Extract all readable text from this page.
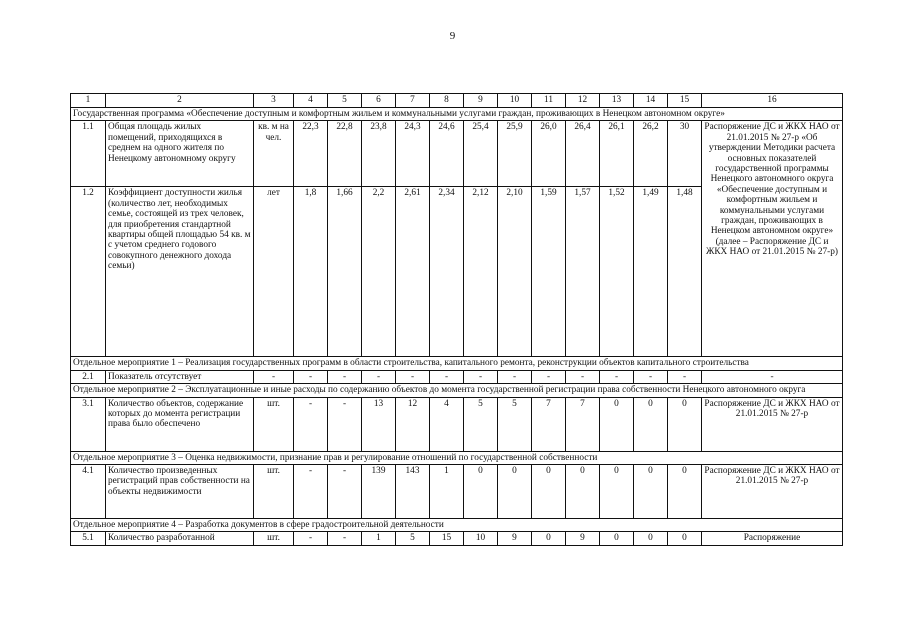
9
1	2	3	4	5	6	7	8	9	10	11	12	13	14	15	16
Государственная программа «Обеспечение доступным и комфортным жильем и коммунальными услугами граждан, проживающих в Ненецком автономном округе»															
1.1	Общая площадь жилых помещений, приходящихся в среднем на одного жителя по Ненецкому автономному округу	кв. м на чел.	22,3	22,8	23,8	24,3	24,6	25,4	25,9	26,0	26,4	26,1	26,2	30	Распоряжение ДС и ЖКХ НАО от 21.01.2015 № 27-р «Об утверждении Методики расчета основных показателей государственной программы Ненецкого автономного округа «Обеспечение доступным и комфортным жильем и коммунальными услугами граждан, проживающих в Ненецком автономном округе» (далее – Распоряжение ДС и ЖКХ НАО от 21.01.2015 № 27-р)
1.2	Коэффициент доступности жилья (количество лет, необходимых семье, состоящей из трех человек, для приобретения стандартной квартиры общей площадью 54 кв. м с учетом среднего годового совокупного денежного дохода семьи)	лет	1,8	1,66	2,2	2,61	2,34	2,12	2,10	1,59	1,57	1,52	1,49	1,48	
Отдельное мероприятие 1 – Реализация государственных программ в области строительства, капитального ремонта, реконструкции объектов капитального строительства															
2.1	Показатель отсутствует	-	-	-	-	-	-	-	-	-	-	-	-	-	-
Отдельное мероприятие 2 – Эксплуатационные и иные расходы по содержанию объектов до момента государственной регистрации права собственности Ненецкого автономного округа															
3.1	Количество объектов, содержание которых до момента регистрации права было обеспечено	шт.	-	-	13	12	4	5	5	7	7	0	0	0	Распоряжение ДС и ЖКХ НАО от 21.01.2015 № 27-р
Отдельное мероприятие 3 – Оценка недвижимости, признание прав и регулирование отношений по государственной собственности															
4.1	Количество произведенных регистраций прав собственности на объекты недвижимости	шт.	-	-	139	143	1	0	0	0	0	0	0	0	Распоряжение ДС и ЖКХ НАО от 21.01.2015 № 27-р
Отдельное мероприятие 4 – Разработка документов в сфере градостроительной деятельности															
5.1	Количество разработанной	шт.	-	-	1	5	15	10	9	0	9	0	0	0	Распоряжение
